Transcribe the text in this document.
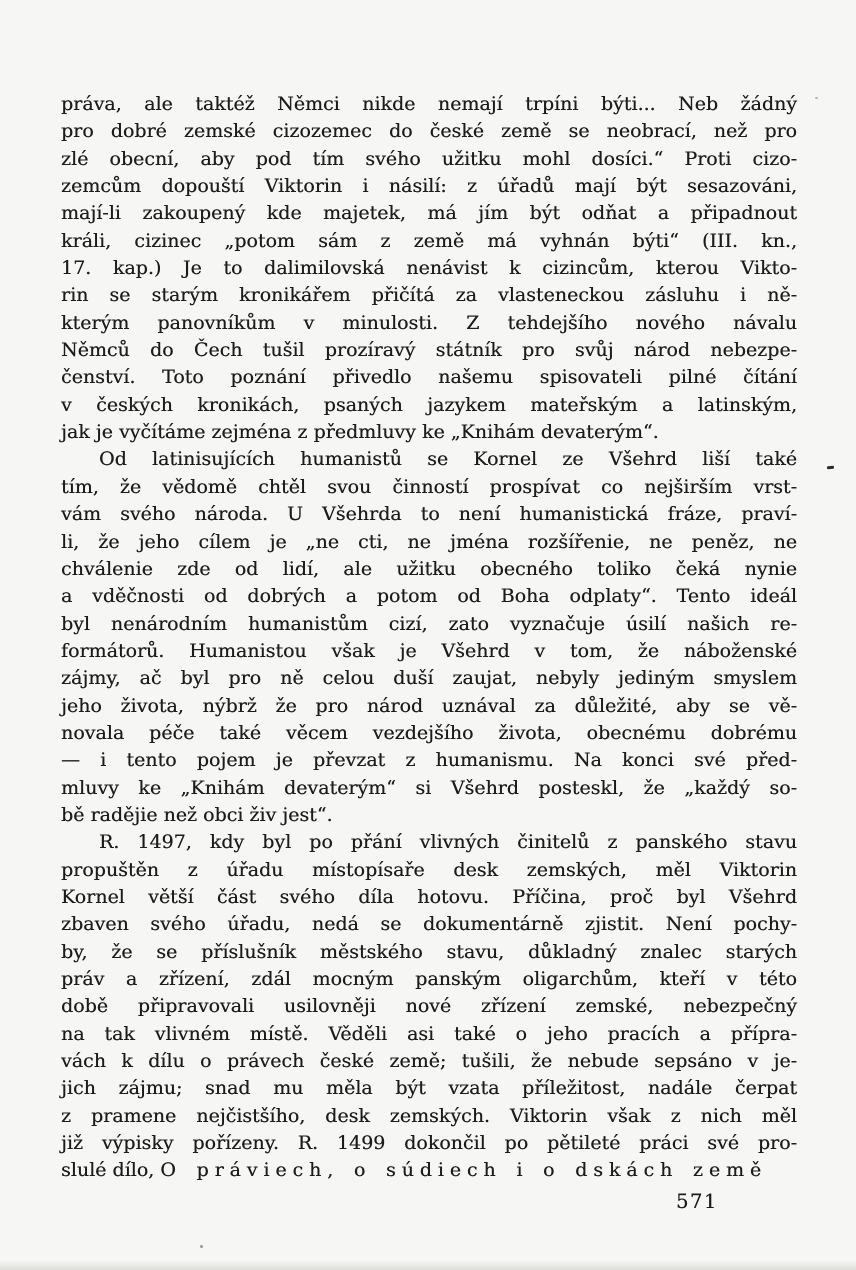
práva, ale taktéž Němci nikde nemají trpíni býti... Neb žádný
pro dobré zemské cizozemec do české země se neobrací, než pro
zlé obecní, aby pod tím svého užitku mohl dosíci.“ Proti cizo-
zemcům dopouští Viktorin i násilí: z úřadů mají být sesazováni,
mají-li zakoupený kde majetek, má jím být odňat a připadnout
králi, cizinec „potom sám z země má vyhnán býti“ (III. kn.,
17. kap.) Je to dalimilovská nenávist k cizincům, kterou Vikto-
rin se starým kronikářem přičítá za vlasteneckou zásluhu i ně-
kterým panovníkům v minulosti. Z tehdejšího nového návalu
Němců do Čech tušil prozíravý státník pro svůj národ nebezpe-
čenství. Toto poznání přivedlo našemu spisovateli pilné čítání
v českých kronikách, psaných jazykem mateřským a latinským,
jak je vyčítáme zejména z předmluvy ke „Knihám devaterým“.
Od latinisujících humanistů se Kornel ze Všehrd liší také
tím, že vědomě chtěl svou činností prospívat co nejširším vrst-
vám svého národa. U Všehrda to není humanistická fráze, praví-
li, že jeho cílem je „ne cti, ne jména rozšířenie, ne peněz, ne
chválenie zde od lidí, ale užitku obecného toliko čeká nynie
a vděčnosti od dobrých a potom od Boha odplaty“. Tento ideál
byl nenárodním humanistům cizí, zato vyznačuje úsilí našich re-
formátorů. Humanistou však je Všehrd v tom, že náboženské
zájmy, ač byl pro ně celou duší zaujat, nebyly jediným smyslem
jeho života, nýbrž že pro národ uznával za důležité, aby se vě-
novala péče také věcem vezdejšího života, obecnému dobrému
— i tento pojem je převzat z humanismu. Na konci své před-
mluvy ke „Knihám devaterým“ si Všehrd posteskl, že „každý so-
bě radějie než obci živ jest“.
R. 1497, kdy byl po přání vlivných činitelů z panského stavu
propuštěn z úřadu místopísaře desk zemských, měl Viktorin
Kornel větší část svého díla hotovu. Příčina, proč byl Všehrd
zbaven svého úřadu, nedá se dokumentárně zjistit. Není pochy-
by, že se příslušník městského stavu, důkladný znalec starých
práv a zřízení, zdál mocným panským oligarchům, kteří v této
době připravovali usilovněji nové zřízení zemské, nebezpečný
na tak vlivném místě. Věděli asi také o jeho pracích a přípra-
vách k dílu o právech české země; tušili, že nebude sepsáno v je-
jich zájmu; snad mu měla být vzata příležitost, nadále čerpat
z pramene nejčistšího, desk zemských. Viktorin však z nich měl
již výpisky pořízeny. R. 1499 dokončil po pětileté práci své pro-
slulé dílo, O práviech, o súdiech i o dskách země
571
